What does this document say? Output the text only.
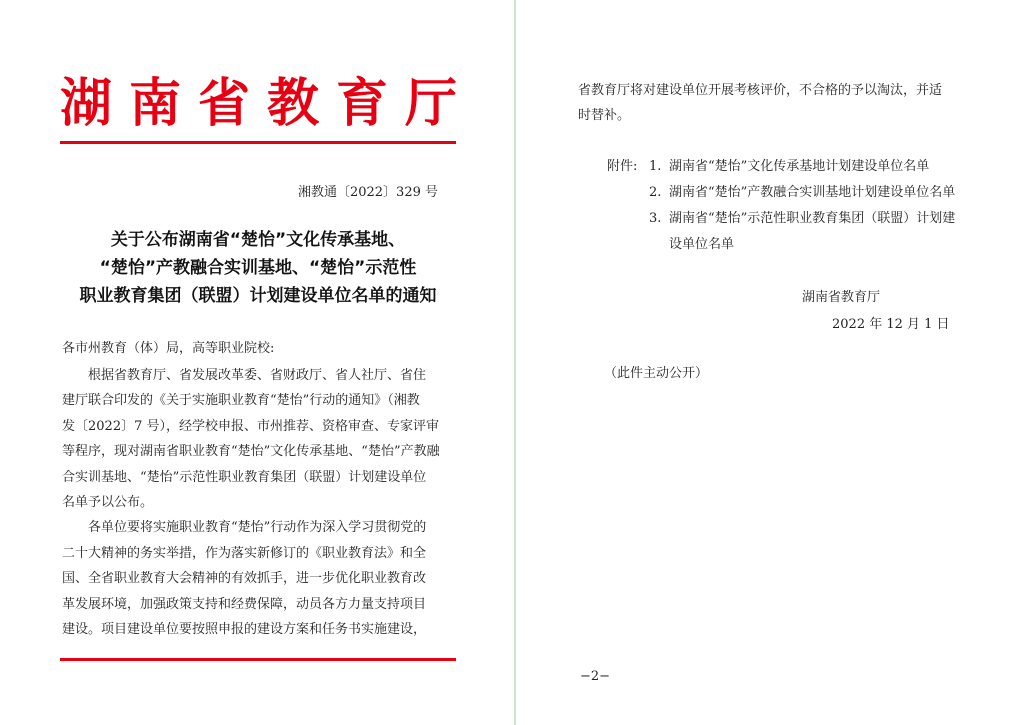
湖南省教育厅
湘教通〔2022〕329 号
关于公布湖南省“楚怡”文化传承基地、
“楚怡”产教融合实训基地、“楚怡”示范性
职业教育集团（联盟）计划建设单位名单的通知
各市州教育（体）局，高等职业院校:
根据省教育厅、省发展改革委、省财政厅、省人社厅、省住
建厅联合印发的《关于实施职业教育“楚怡”行动的通知》（湘教
发〔2022〕7 号），经学校申报、市州推荐、资格审查、专家评审
等程序，现对湖南省职业教育“楚怡”文化传承基地、“楚怡”产教融
合实训基地、“楚怡”示范性职业教育集团（联盟）计划建设单位
名单予以公布。
各单位要将实施职业教育“楚怡”行动作为深入学习贯彻党的
二十大精神的务实举措，作为落实新修订的《职业教育法》和全
国、全省职业教育大会精神的有效抓手，进一步优化职业教育改
革发展环境，加强政策支持和经费保障，动员各方力量支持项目
建设。项目建设单位要按照申报的建设方案和任务书实施建设，
省教育厅将对建设单位开展考核评价，不合格的予以淘汰，并适
时替补。
附件: 1. 湖南省“楚怡”文化传承基地计划建设单位名单
2. 湖南省“楚怡”产教融合实训基地计划建设单位名单
3. 湖南省“楚怡”示范性职业教育集团（联盟）计划建
设单位名单
湖南省教育厅
2022 年 12 月 1 日
（此件主动公开）
−2−
